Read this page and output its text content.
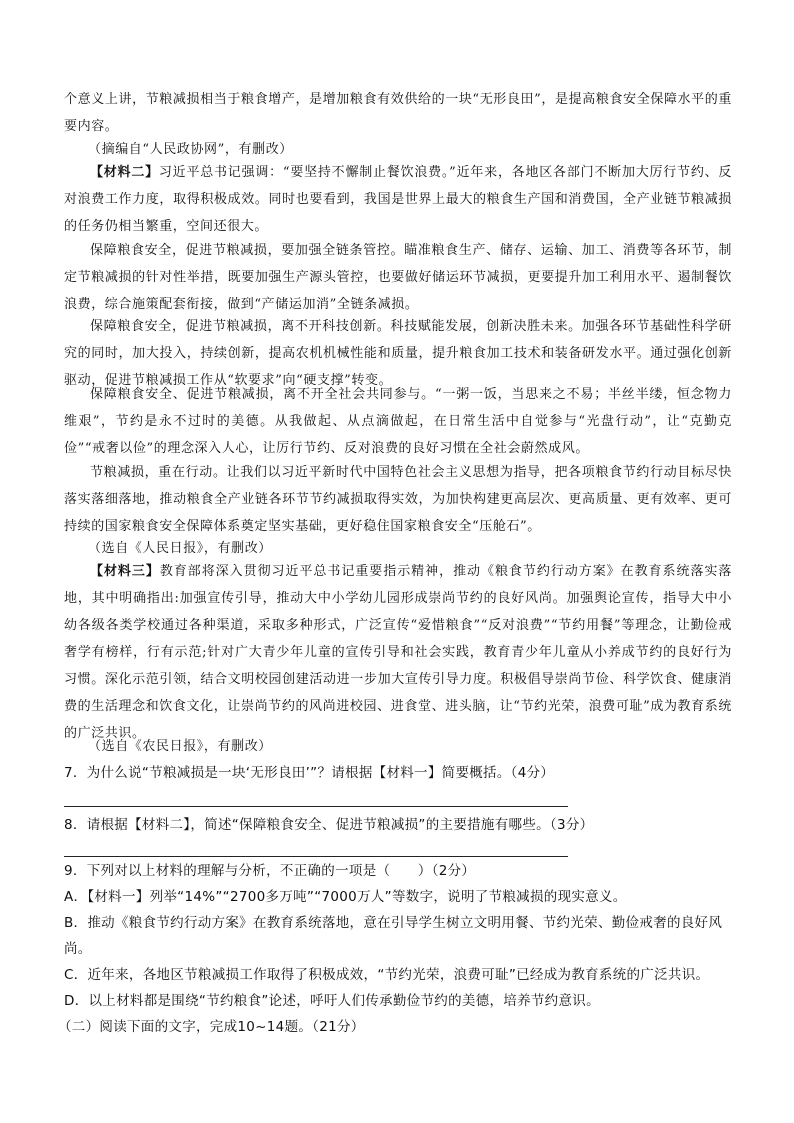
个意义上讲，节粮减损相当于粮食增产，是增加粮食有效供给的一块“无形良田”，是提高粮食安全保障水平的重要内容。
（摘编自“人民政协网”，有删改）
【材料二】习近平总书记强调：“要坚持不懈制止餐饮浪费。”近年来，各地区各部门不断加大厉行节约、反对浪费工作力度，取得积极成效。同时也要看到，我国是世界上最大的粮食生产国和消费国，全产业链节粮减损的任务仍相当繁重，空间还很大。
保障粮食安全，促进节粮减损，要加强全链条管控。瞄准粮食生产、储存、运输、加工、消费等各环节，制定节粮减损的针对性举措，既要加强生产源头管控，也要做好储运环节减损，更要提升加工利用水平、遏制餐饮浪费，综合施策配套衔接，做到“产储运加消”全链条减损。
保障粮食安全，促进节粮减损，离不开科技创新。科技赋能发展，创新决胜未来。加强各环节基础性科学研究的同时，加大投入，持续创新，提高农机机械性能和质量，提升粮食加工技术和装备研发水平。通过强化创新驱动，促进节粮减损工作从“软要求”向“硬支撑”转变。
保障粮食安全、促进节粮减损，离不开全社会共同参与。“一粥一饭，当思来之不易；半丝半缕，恒念物力维艰”，节约是永不过时的美德。从我做起、从点滴做起，在日常生活中自觉参与“光盘行动”，让“克勤克俭”“戒奢以俭”的理念深入人心，让厉行节约、反对浪费的良好习惯在全社会蔚然成风。
节粮减损，重在行动。让我们以习近平新时代中国特色社会主义思想为指导，把各项粮食节约行动目标尽快落实落细落地，推动粮食全产业链各环节节约减损取得实效，为加快构建更高层次、更高质量、更有效率、更可持续的国家粮食安全保障体系奠定坚实基础，更好稳住国家粮食安全“压舱石”。
（选自《人民日报》，有删改）
【材料三】教育部将深入贯彻习近平总书记重要指示精神，推动《粮食节约行动方案》在教育系统落实落地，其中明确指出:加强宣传引导，推动大中小学幼儿园形成崇尚节约的良好风尚。加强舆论宣传，指导大中小幼各级各类学校通过各种渠道，采取多种形式，广泛宣传“爱惜粮食”“反对浪费”“节约用餐”等理念，让勤俭戒奢学有榜样，行有示范;针对广大青少年儿童的宣传引导和社会实践，教育青少年儿童从小养成节约的良好行为习惯。深化示范引领，结合文明校园创建活动进一步加大宣传引导力度。积极倡导崇尚节俭、科学饮食、健康消费的生活理念和饮食文化，让崇尚节约的风尚进校园、进食堂、进头脑，让“节约光荣，浪费可耻”成为教育系统的广泛共识。
（选自《农民日报》，有删改）
7．为什么说“节粮减损是一块‘无形良田’”？请根据【材料一】简要概括。（4分）
8．请根据【材料二】，简述“保障粮食安全、促进节粮减损”的主要措施有哪些。（3分）
9．下列对以上材料的理解与分析，不正确的一项是（　　）（2分）
A．【材料一】列举“14%”“2700多万吨”“7000万人”等数字，说明了节粮减损的现实意义。
B．推动《粮食节约行动方案》在教育系统落地，意在引导学生树立文明用餐、节约光荣、勤俭戒奢的良好风尚。
C．近年来，各地区节粮减损工作取得了积极成效，“节约光荣，浪费可耻”已经成为教育系统的广泛共识。
D．以上材料都是围绕“节约粮食”论述，呼吁人们传承勤俭节约的美德，培养节约意识。
（二）阅读下面的文字，完成10~14题。（21分）
